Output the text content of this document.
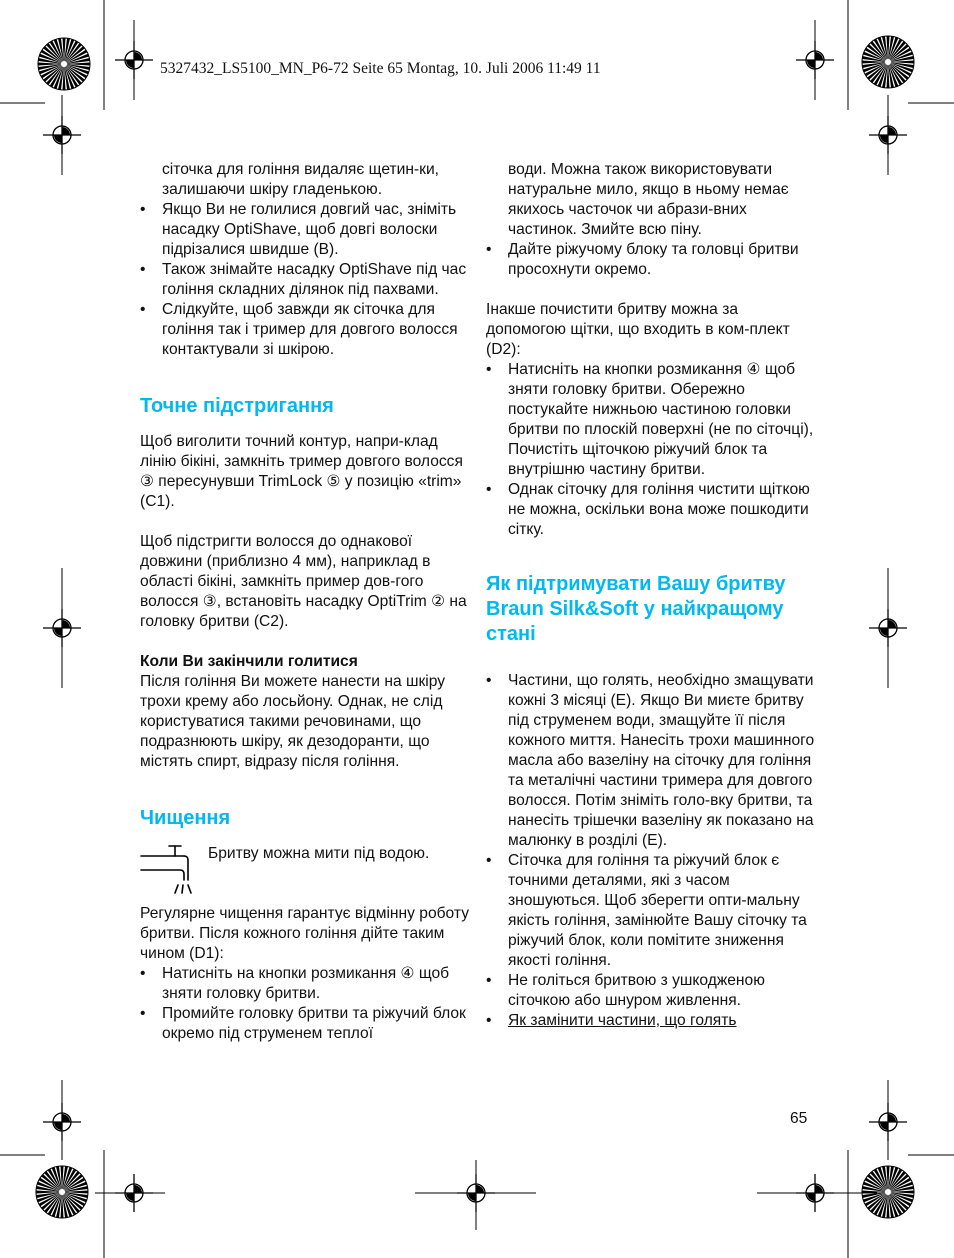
5327432_LS5100_MN_P6-72 Seite 65 Montag, 10. Juli 2006 11:49 11

сіточка для гоління видаляє щетин-ки, залишаючи шкіру гладенькою.

• Якщо Ви не голилися довгий час, зніміть насадку OptiShave, щоб довгі волоски підрізалися швидше (B).
• Також знімайте насадку OptiShave під час гоління складних ділянок під пахвами.
• Слідкуйте, щоб завжди як сіточка для гоління так і тример для довгого волосся контактували зі шкірою.
Точне підстригання

Щоб виголити точний контур, напри-клад лінію бікіні, замкніть тример довгого волосся ③ пересунувши TrimLock ⑤ у позицію «trim» (C1).

Щоб підстригти волосся до однакової довжини (приблизно 4 мм), наприклад в області бікіні, замкніть пример дов-гого волосся ③, встановіть насадку OptiTrim ② на головку бритви (C2).

Коли Ви закінчили голитися

Після гоління Ви можете нанести на шкіру трохи крему або лосьйону. Однак, не слід користуватися такими речовинами, що подразнюють шкіру, як дезодоранти, що містять спирт, відразу після гоління.

Чищення

Бритву можна мити під водою.

Регулярне чищення гарантує відмінну роботу бритви. Після кожного гоління дійте таким чином (D1):

• Натисніть на кнопки розмикання ④ щоб зняти головку бритви.
• Промийте головку бритви та ріжучий блок окремо під струменем теплої

води. Можна також використовувати натуральне мило, якщо в ньому немає якихось часточок чи абрази-вних частинок. Змийте всю піну.

• Дайте ріжучому блоку та головці бритви просохнути окремо.

Інакше почистити бритву можна за допомогою щітки, що входить в ком-плект (D2):

• Натисніть на кнопки розмикання ④ щоб зняти головку бритви. Обережно постукайте нижньою частиною головки бритви по плоскій поверхні (не по сіточці), Почистіть щіточкою ріжучий блок та внутрішню частину бритви.
• Однак сіточку для гоління чистити щіткою не можна, оскільки вона може пошкодити сітку.
Як підтримувати Вашу бритву Braun Silk&Soft у найкращому стані
• Частини, що голять, необхідно змащувати кожні 3 місяці (E). Якщо Ви миєте бритву під струменем води, змащуйте її після кожного миття. Нанесіть трохи машинного масла або вазеліну на сіточку для гоління та металічні частини тримера для довгого волосся. Потім зніміть голо-вку бритви, та нанесіть трішечки вазеліну як показано на малюнку в розділі (E).
• Сіточка для гоління та ріжучий блок є точними деталями, які з часом зношуються. Щоб зберегти опти-мальну якість гоління, замінюйте Вашу сіточку та ріжучий блок, коли помітите зниження якості гоління.
• Не голіться бритвою з ушкодженою сіточкою або шнуром живлення.
• Як замінити частини, що голять

65
